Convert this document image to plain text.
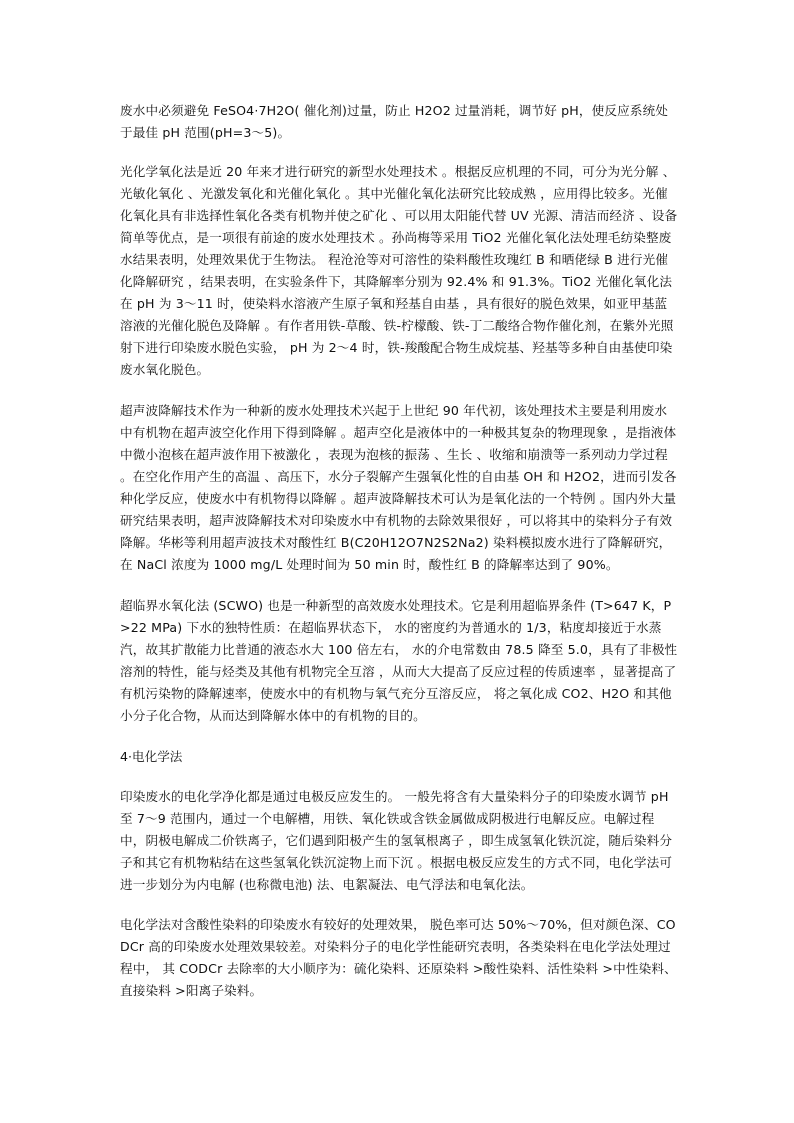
废水中必须避免 FeSO4·7H2O( 催化剂)过量，防止 H2O2 过量消耗，调节好 pH，使反应系统处于最佳 pH 范围(pH=3～5)。

光化学氧化法是近 20 年来才进行研究的新型水处理技术 。根据反应机理的不同，可分为光分解 、光敏化氧化 、光激发氧化和光催化氧化 。其中光催化氧化法研究比较成熟 ，应用得比较多。光催化氧化具有非选择性氧化各类有机物并使之矿化 、可以用太阳能代替 UV 光源、清洁而经济 、设备简单等优点，是一项很有前途的废水处理技术 。孙尚梅等采用 TiO2 光催化氧化法处理毛纺染整废水结果表明，处理效果优于生物法。 程沧沧等对可溶性的染料酸性玫瑰红 B 和晒佬绿 B 进行光催化降解研究 ，结果表明，在实验条件下，其降解率分别为 92.4% 和 91.3%。TiO2 光催化氧化法在 pH 为 3～11 时，使染料水溶液产生原子氧和羟基自由基 ，具有很好的脱色效果，如亚甲基蓝溶液的光催化脱色及降解 。有作者用铁-草酸、铁-柠檬酸、铁-丁二酸络合物作催化剂，在紫外光照射下进行印染废水脱色实验， pH 为 2～4 时，铁-羧酸配合物生成烷基、羟基等多种自由基使印染废水氧化脱色。

超声波降解技术作为一种新的废水处理技术兴起于上世纪 90 年代初，该处理技术主要是利用废水中有机物在超声波空化作用下得到降解 。超声空化是液体中的一种极其复杂的物理现象 ，是指液体中微小泡核在超声波作用下被激化 ，表现为泡核的振荡 、生长 、收缩和崩溃等一系列动力学过程 。在空化作用产生的高温 、高压下，水分子裂解产生强氧化性的自由基 OH 和 H2O2，进而引发各种化学反应，使废水中有机物得以降解 。超声波降解技术可认为是氧化法的一个特例 。国内外大量研究结果表明，超声波降解技术对印染废水中有机物的去除效果很好 ，可以将其中的染料分子有效降解。华彬等利用超声波技术对酸性红 B(C20H12O7N2S2Na2) 染料模拟废水进行了降解研究，在 NaCl 浓度为 1000 mg/L 处理时间为 50 min 时，酸性红 B 的降解率达到了 90%。

超临界水氧化法 (SCWO) 也是一种新型的高效废水处理技术。它是利用超临界条件 (T>647 K，P>22 MPa) 下水的独特性质：在超临界状态下， 水的密度约为普通水的 1/3，粘度却接近于水蒸汽，故其扩散能力比普通的液态水大 100 倍左右， 水的介电常数由 78.5 降至 5.0，具有了非极性溶剂的特性，能与烃类及其他有机物完全互溶 ，从而大大提高了反应过程的传质速率 ，显著提高了有机污染物的降解速率，使废水中的有机物与氧气充分互溶反应， 将之氧化成 CO2、H2O 和其他小分子化合物，从而达到降解水体中的有机物的目的。

4·电化学法

印染废水的电化学净化都是通过电极反应发生的。 一般先将含有大量染料分子的印染废水调节 pH 至 7～9 范围内，通过一个电解槽，用铁、氧化铁或含铁金属做成阴极进行电解反应。电解过程中，阴极电解成二价铁离子，它们遇到阳极产生的氢氧根离子 ，即生成氢氧化铁沉淀，随后染料分子和其它有机物粘结在这些氢氧化铁沉淀物上而下沉 。根据电极反应发生的方式不同，电化学法可进一步划分为内电解 (也称微电池) 法、电絮凝法、电气浮法和电氧化法。

电化学法对含酸性染料的印染废水有较好的处理效果， 脱色率可达 50%～70%，但对颜色深、CODCr 高的印染废水处理效果较差。对染料分子的电化学性能研究表明，各类染料在电化学法处理过程中， 其 CODCr 去除率的大小顺序为：硫化染料、还原染料 >酸性染料、活性染料 >中性染料、直接染料 >阳离子染料。
